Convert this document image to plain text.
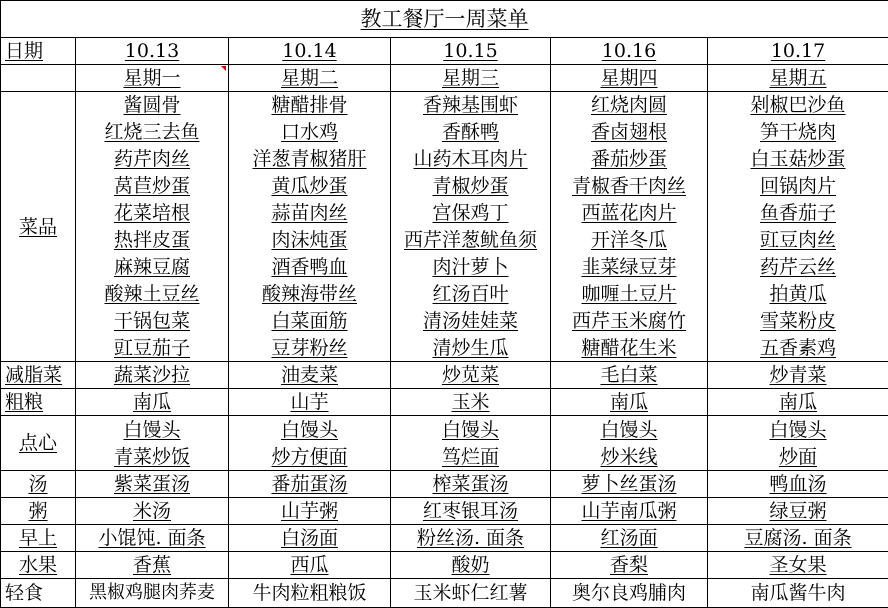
教工餐厅一周菜单					
日期	10.13	10.14	10.15	10.16	10.17
	星期一	星期二	星期三	星期四	星期五
菜品	酱圆骨	糖醋排骨	香辣基围虾	红烧肉圆	剁椒巴沙鱼
	红烧三去鱼	口水鸡	香酥鸭	香卤翅根	笋干烧肉
	药芹肉丝	洋葱青椒猪肝	山药木耳肉片	番茄炒蛋	白玉菇炒蛋
	莴苣炒蛋	黄瓜炒蛋	青椒炒蛋	青椒香干肉丝	回锅肉片
	花菜培根	蒜苗肉丝	宫保鸡丁	西蓝花肉片	鱼香茄子
	热拌皮蛋	肉沫炖蛋	西芹洋葱鱿鱼须	开洋冬瓜	豇豆肉丝
	麻辣豆腐	酒香鸭血	肉汁萝卜	韭菜绿豆芽	药芹云丝
	酸辣土豆丝	酸辣海带丝	红汤百叶	咖喱土豆片	拍黄瓜
	干锅包菜	白菜面筋	清汤娃娃菜	西芹玉米腐竹	雪菜粉皮
	豇豆茄子	豆芽粉丝	清炒生瓜	糖醋花生米	五香素鸡
减脂菜	蔬菜沙拉	油麦菜	炒苋菜	毛白菜	炒青菜
粗粮	南瓜	山芋	玉米	南瓜	南瓜
点心	白馒头	白馒头	白馒头	白馒头	白馒头
	青菜炒饭	炒方便面	笃烂面	炒米线	炒面
汤	紫菜蛋汤	番茄蛋汤	榨菜蛋汤	萝卜丝蛋汤	鸭血汤
粥	米汤	山芋粥	红枣银耳汤	山芋南瓜粥	绿豆粥
早上	小馄饨. 面条	白汤面	粉丝汤. 面条	红汤面	豆腐汤. 面条
水果	香蕉	西瓜	酸奶	香梨	圣女果
轻食	黑椒鸡腿肉荞麦	牛肉粒粗粮饭	玉米虾仁红薯	奥尔良鸡脯肉	南瓜酱牛肉
